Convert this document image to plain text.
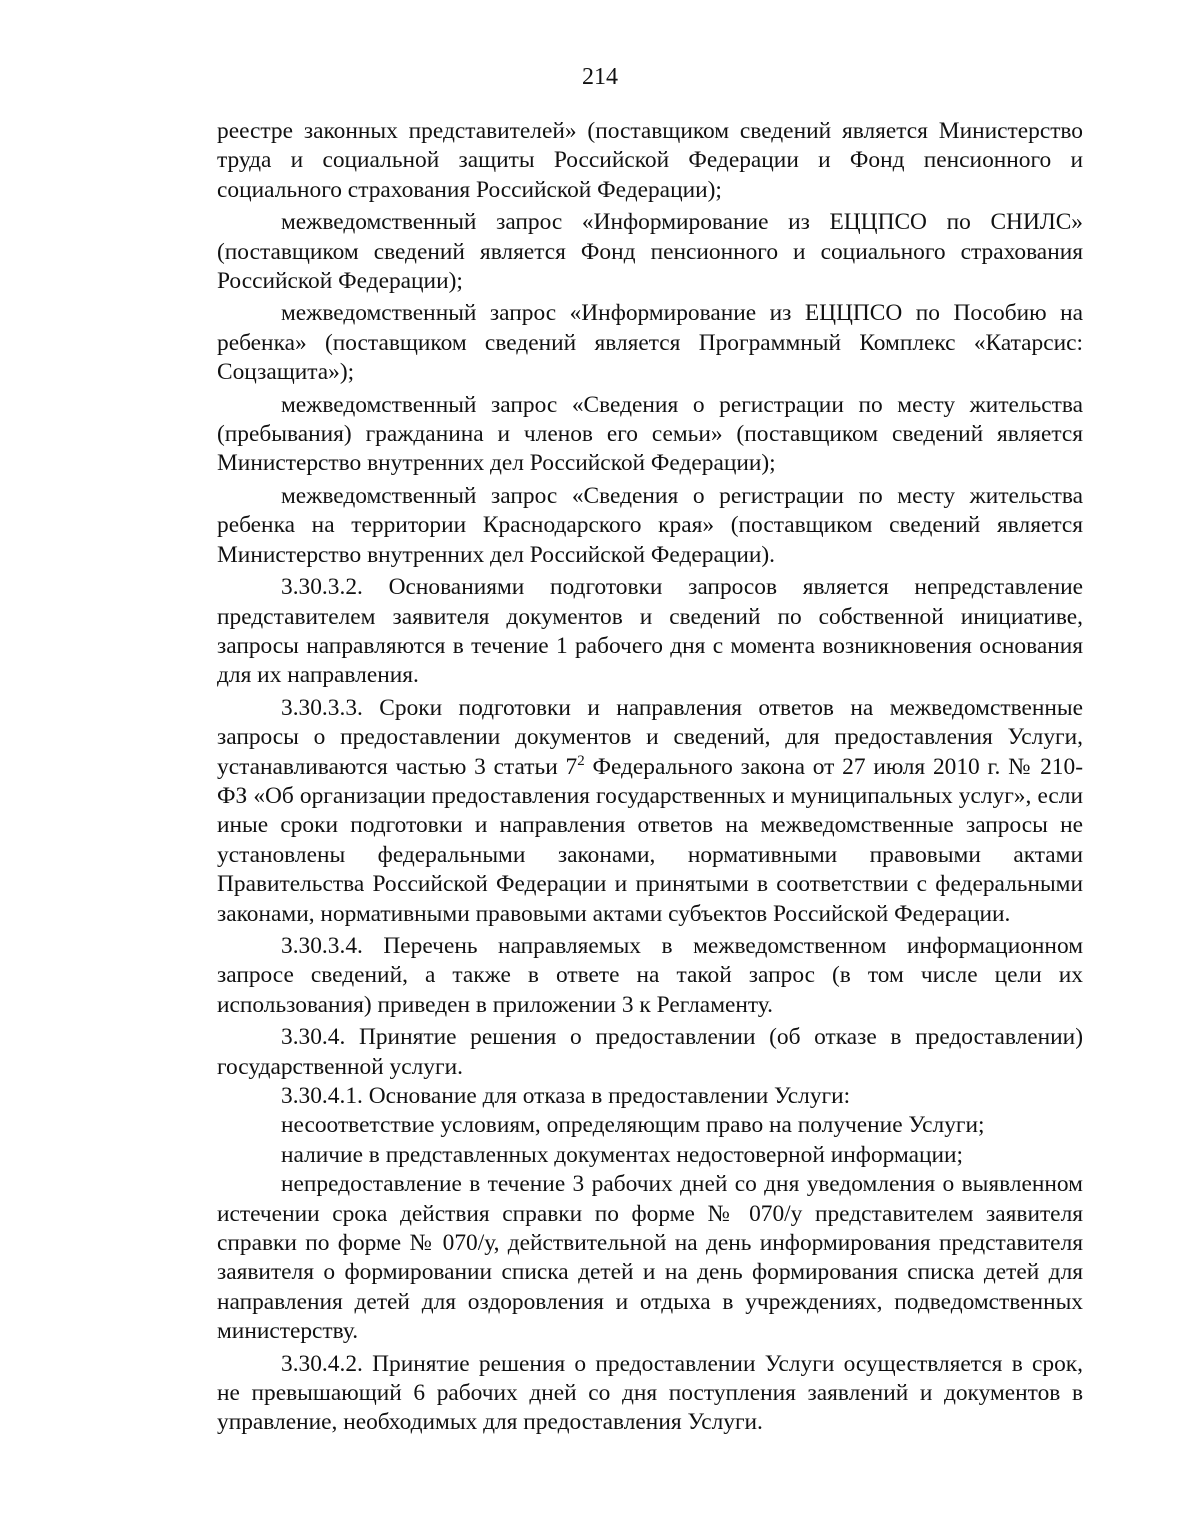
214

реестре законных представителей» (поставщиком сведений является Министерство труда и социальной защиты Российской Федерации и Фонд пенсионного и социального страхования Российской Федерации);

межведомственный запрос «Информирование из ЕЦЦПСО по СНИЛС» (поставщиком сведений является Фонд пенсионного и социального страхования Российской Федерации);

межведомственный запрос «Информирование из ЕЦЦПСО по Пособию на ребенка» (поставщиком сведений является Программный Комплекс «Катарсис: Соцзащита»);

межведомственный запрос «Сведения о регистрации по месту жительства (пребывания) гражданина и членов его семьи» (поставщиком сведений является Министерство внутренних дел Российской Федерации);

межведомственный запрос «Сведения о регистрации по месту жительства ребенка на территории Краснодарского края» (поставщиком сведений является Министерство внутренних дел Российской Федерации).

3.30.3.2. Основаниями подготовки запросов является непредставление представителем заявителя документов и сведений по собственной инициативе, запросы направляются в течение 1 рабочего дня с момента возникновения основания для их направления.

3.30.3.3. Сроки подготовки и направления ответов на межведомственные запросы о предоставлении документов и сведений, для предоставления Услуги, устанавливаются частью 3 статьи $7^2$ Федерального закона от 27 июля 2010 г. № 210-ФЗ «Об организации предоставления государственных и муниципальных услуг», если иные сроки подготовки и направления ответов на межведомственные запросы не установлены федеральными законами, нормативными правовыми актами Правительства Российской Федерации и принятыми в соответствии с федеральными законами, нормативными правовыми актами субъектов Российской Федерации.

3.30.3.4. Перечень направляемых в межведомственном информационном запросе сведений, а также в ответе на такой запрос (в том числе цели их использования) приведен в приложении 3 к Регламенту.

3.30.4. Принятие решения о предоставлении (об отказе в предоставлении) государственной услуги.

3.30.4.1. Основание для отказа в предоставлении Услуги:

несоответствие условиям, определяющим право на получение Услуги;

наличие в представленных документах недостоверной информации;

непредоставление в течение 3 рабочих дней со дня уведомления о выявленном истечении срока действия справки по форме № 070/у представителем заявителя справки по форме № 070/у, действительной на день информирования представителя заявителя о формировании списка детей и на день формирования списка детей для направления детей для оздоровления и отдыха в учреждениях, подведомственных министерству.

3.30.4.2. Принятие решения о предоставлении Услуги осуществляется в срок, не превышающий 6 рабочих дней со дня поступления заявлений и документов в управление, необходимых для предоставления Услуги.
